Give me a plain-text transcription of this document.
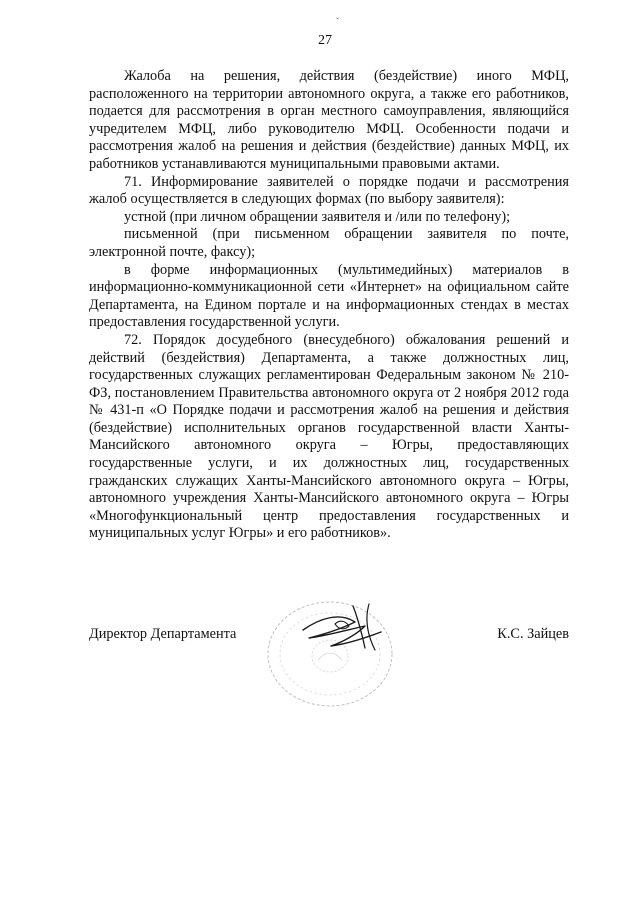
ˇ
27

Жалоба на решения, действия (бездействие) иного МФЦ, расположенного на территории автономного округа, а также его работников, подается для рассмотрения в орган местного самоуправления, являющийся учредителем МФЦ, либо руководителю МФЦ. Особенности подачи и рассмотрения жалоб на решения и действия (бездействие) данных МФЦ, их работников устанавливаются муниципальными правовыми актами.

71. Информирование заявителей о порядке подачи и рассмотрения жалоб осуществляется в следующих формах (по выбору заявителя):

устной (при личном обращении заявителя и /или по телефону);

письменной (при письменном обращении заявителя по почте, электронной почте, факсу);

в форме информационных (мультимедийных) материалов в информационно-коммуникационной сети «Интернет» на официальном сайте Департамента, на Едином портале и на информационных стендах в местах предоставления государственной услуги.

72. Порядок досудебного (внесудебного) обжалования решений и действий (бездействия) Департамента, а также должностных лиц, государственных служащих регламентирован Федеральным законом № 210-ФЗ, постановлением Правительства автономного округа от 2 ноября 2012 года № 431-п «О Порядке подачи и рассмотрения жалоб на решения и действия (бездействие) исполнительных органов государственной власти Ханты-Мансийского автономного округа – Югры, предоставляющих государственные услуги, и их должностных лиц, государственных гражданских служащих Ханты-Мансийского автономного округа – Югры, автономного учреждения Ханты-Мансийского автономного округа – Югры «Многофункциональный центр предоставления государственных и муниципальных услуг Югры» и его работников».

Директор Департамента	К.С. Зайцев
